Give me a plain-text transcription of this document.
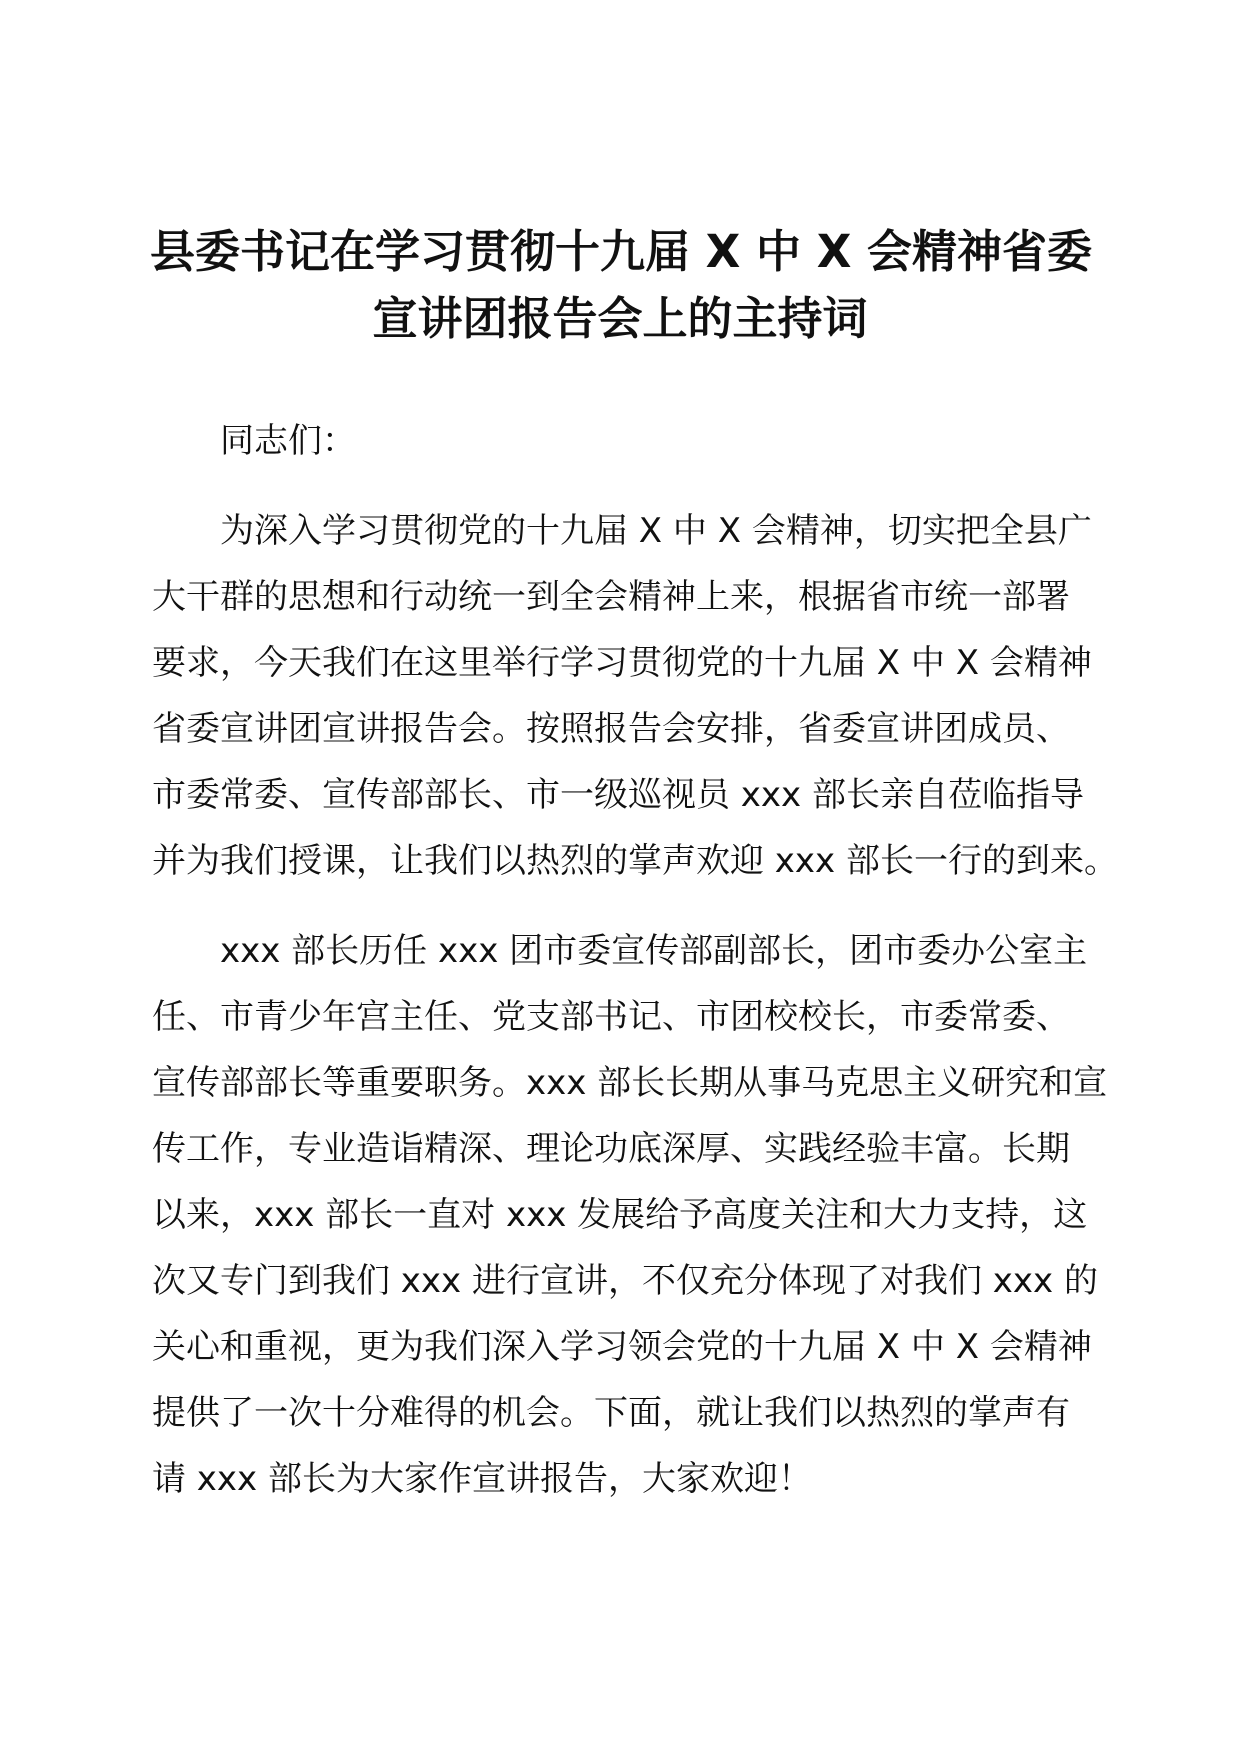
县委书记在学习贯彻十九届 X 中 X 会精神省委
宣讲团报告会上的主持词

同志们：

为深入学习贯彻党的十九届 X 中 X 会精神，切实把全县广
大干群的思想和行动统一到全会精神上来，根据省市统一部署
要求，今天我们在这里举行学习贯彻党的十九届 X 中 X 会精神
省委宣讲团宣讲报告会。按照报告会安排，省委宣讲团成员、
市委常委、宣传部部长、市一级巡视员 xxx 部长亲自莅临指导
并为我们授课，让我们以热烈的掌声欢迎 xxx 部长一行的到来。

xxx 部长历任 xxx 团市委宣传部副部长，团市委办公室主
任、市青少年宫主任、党支部书记、市团校校长，市委常委、
宣传部部长等重要职务。xxx 部长长期从事马克思主义研究和宣
传工作，专业造诣精深、理论功底深厚、实践经验丰富。长期
以来，xxx 部长一直对 xxx 发展给予高度关注和大力支持，这
次又专门到我们 xxx 进行宣讲，不仅充分体现了对我们 xxx 的
关心和重视，更为我们深入学习领会党的十九届 X 中 X 会精神
提供了一次十分难得的机会。下面，就让我们以热烈的掌声有
请 xxx 部长为大家作宣讲报告，大家欢迎！
